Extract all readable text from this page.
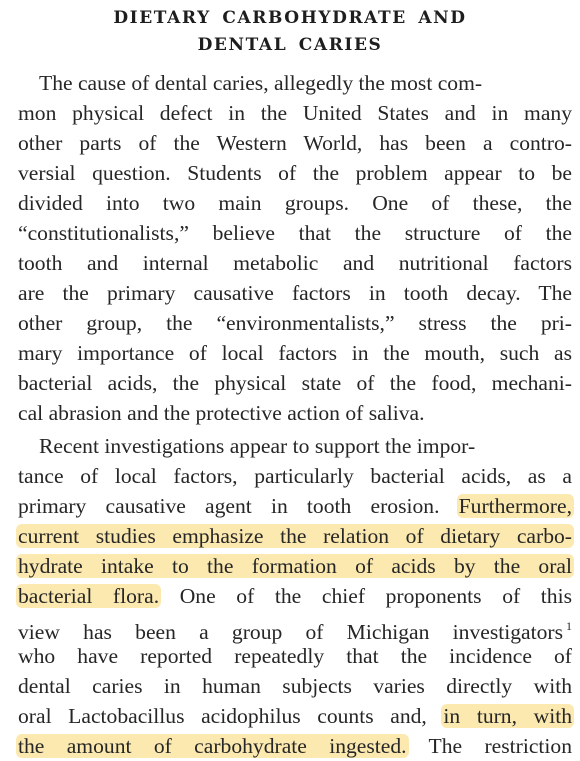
DIETARY CARBOHYDRATE AND
DENTAL CARIES
The cause of dental caries, allegedly the most com-
mon physical defect in the United States and in many
other parts of the Western World, has been a contro-
versial question. Students of the problem appear to be
divided into two main groups. One of these, the
“constitutionalists,” believe that the structure of the
tooth and internal metabolic and nutritional factors
are the primary causative factors in tooth decay. The
other group, the “environmentalists,” stress the pri-
mary importance of local factors in the mouth, such as
bacterial acids, the physical state of the food, mechani-
cal abrasion and the protective action of saliva.
Recent investigations appear to support the impor-
tance of local factors, particularly bacterial acids, as a
primary causative agent in tooth erosion. Furthermore,
current studies emphasize the relation of dietary carbo-
hydrate intake to the formation of acids by the oral
bacterial flora. One of the chief proponents of this
view has been a group of Michigan investigators $^1$
who have reported repeatedly that the incidence of
dental caries in human subjects varies directly with
oral Lactobacillus acidophilus counts and, in turn, with
the amount of carbohydrate ingested. The restriction
